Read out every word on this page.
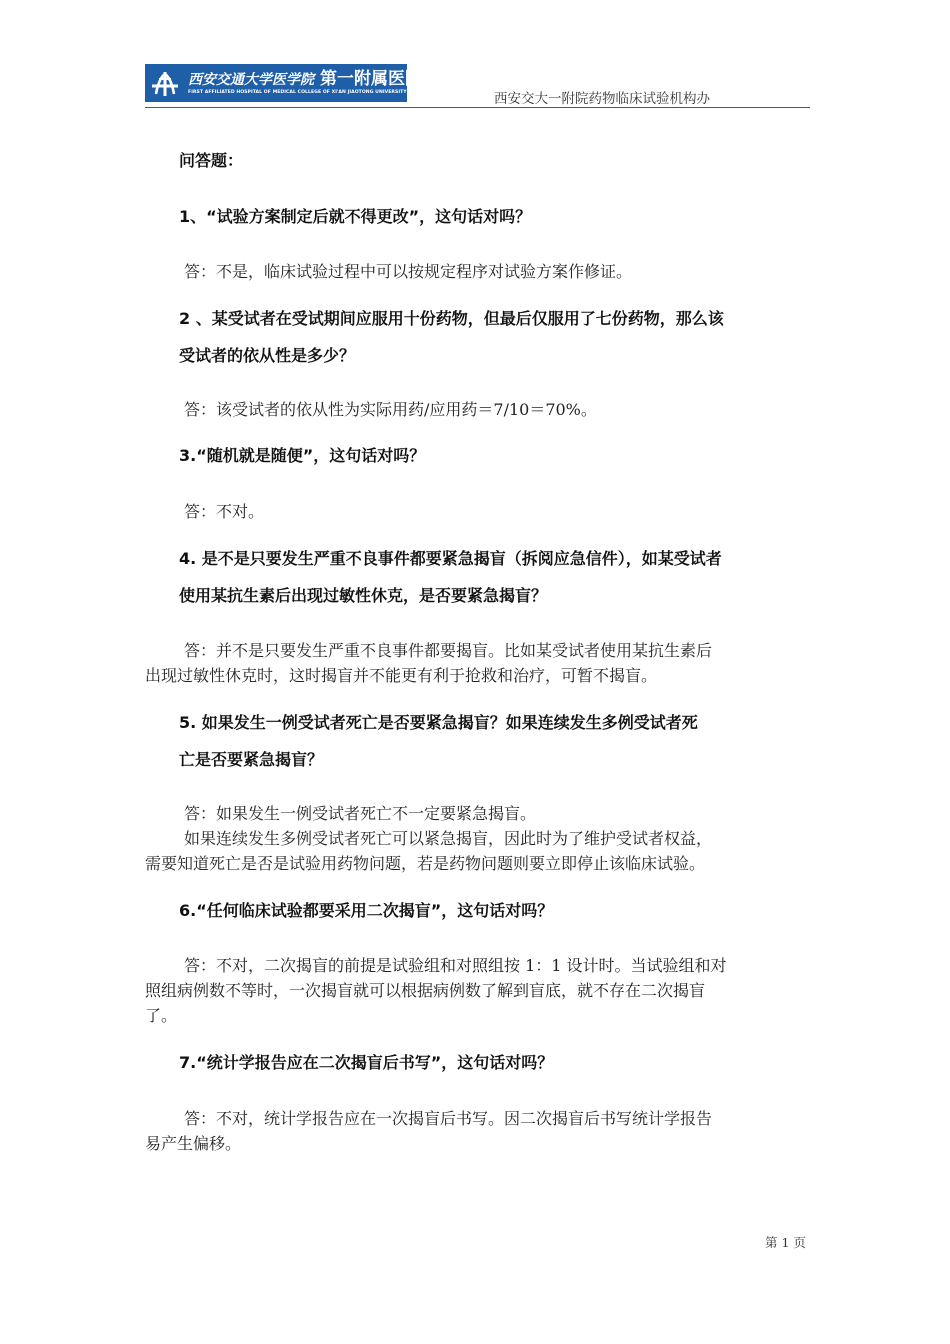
西安交通大学医学院 第一附属医院
FIRST AFFILIATED HOSPITAL OF MEDICAL COLLEGE OF XI'AN JIAOTONG UNIVERSITY	西安交大一附院药物临床试验机构办

问答题：

1、“试验方案制定后就不得更改”，这句话对吗？

答：不是，临床试验过程中可以按规定程序对试验方案作修证。

2 、某受试者在受试期间应服用十份药物，但最后仅服用了七份药物，那么该

受试者的依从性是多少？

答：该受试者的依从性为实际用药/应用药＝7/10＝70%。

3.“随机就是随便”，这句话对吗？

答：不对。

4. 是不是只要发生严重不良事件都要紧急揭盲（拆阅应急信件），如某受试者

使用某抗生素后出现过敏性休克，是否要紧急揭盲？

答：并不是只要发生严重不良事件都要揭盲。比如某受试者使用某抗生素后

出现过敏性休克时，这时揭盲并不能更有利于抢救和治疗，可暂不揭盲。

5. 如果发生一例受试者死亡是否要紧急揭盲？如果连续发生多例受试者死

亡是否要紧急揭盲？

答：如果发生一例受试者死亡不一定要紧急揭盲。

如果连续发生多例受试者死亡可以紧急揭盲，因此时为了维护受试者权益，

需要知道死亡是否是试验用药物问题，若是药物问题则要立即停止该临床试验。

6.“任何临床试验都要采用二次揭盲”，这句话对吗？

答：不对，二次揭盲的前提是试验组和对照组按 1：1 设计时。当试验组和对

照组病例数不等时，一次揭盲就可以根据病例数了解到盲底，就不存在二次揭盲

了。

7.“统计学报告应在二次揭盲后书写”，这句话对吗？

答：不对，统计学报告应在一次揭盲后书写。因二次揭盲后书写统计学报告

易产生偏移。

第 1 页
